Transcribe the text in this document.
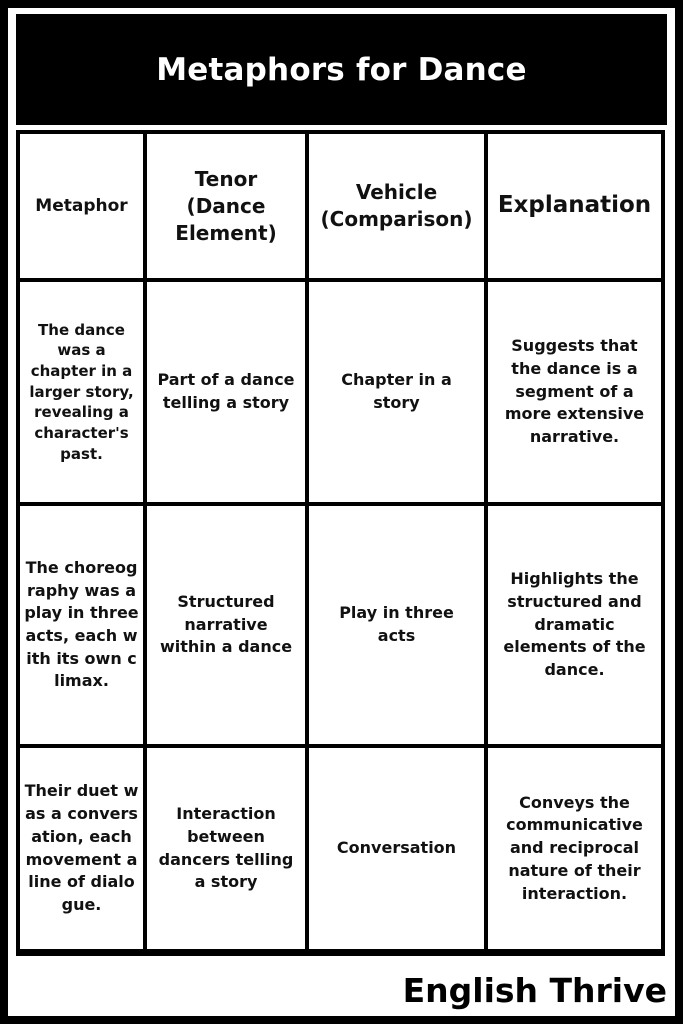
Metaphors for Dance
Metaphor
Tenor (Dance Element)
Vehicle (Comparison)
Explanation
The dance was a chapter in a larger story, revealing a character's past.
Part of a dance telling a story
Chapter in a story
Suggests that the dance is a segment of a more extensive narrative.
The choreography was a play in three acts, each with its own climax.
Structured narrative within a dance
Play in three acts
Highlights the structured and dramatic elements of the dance.
Their duet was a conversation, each movement a line of dialogue.
Interaction between dancers telling a story
Conversation
Conveys the communicative and reciprocal nature of their interaction.
English Thrive
